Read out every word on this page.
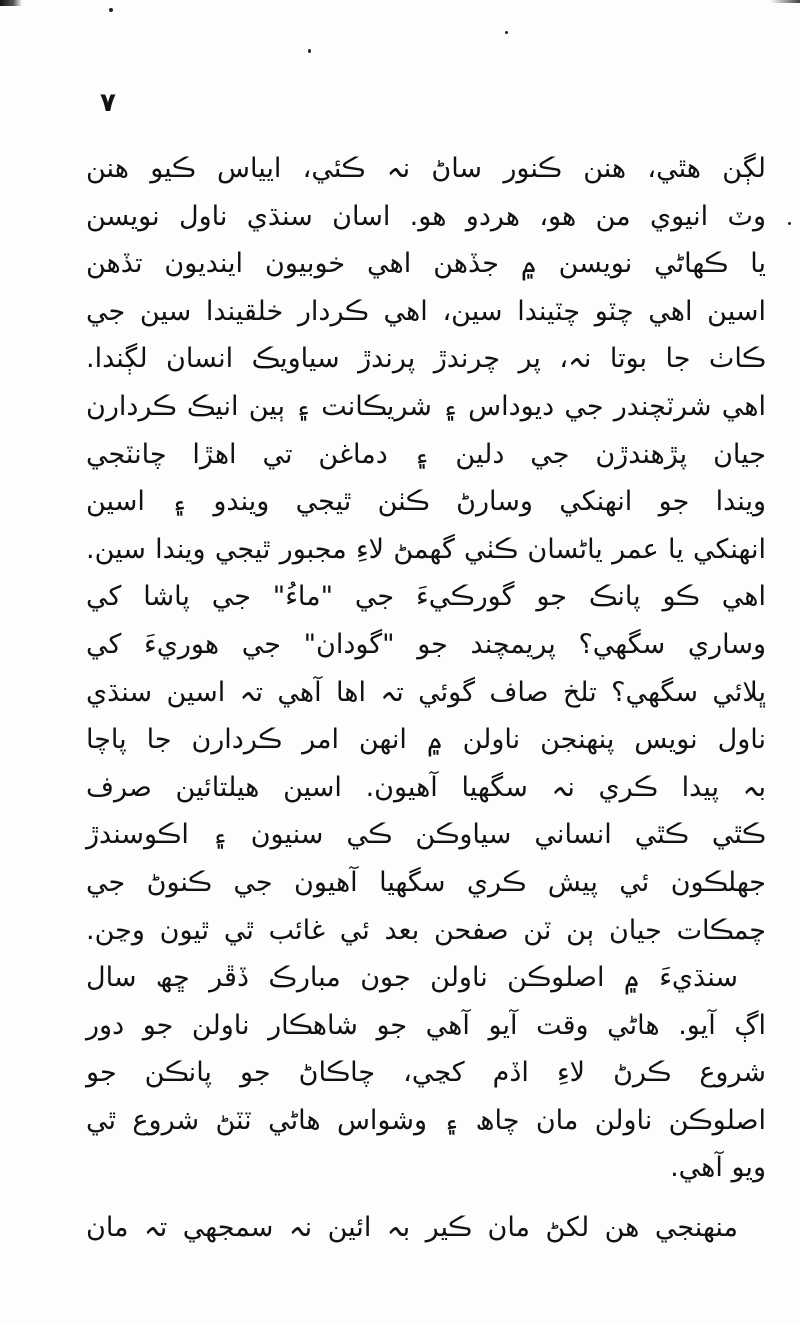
٧
لڳن ھٿي، ھنن ڪنور ساڻ نہ ڪئي، ايياس ڪيو ھنن
وٽ انيوي من ھو، ھردو ھو. اسان سنڌي ناول نويسن
يا ڪھاڻي نويسن ۾ جڏھن اھي خوبيون اينديون تڏھن
اسين اھي چٽو چٽيندا سين، اھي ڪردار خلقيندا سين جي
ڪاٺ جا بوتا نہ، پر چرندڙ پرندڙ سياويڪ انسان لڳندا.
اھي شرٽچندر جي ديوداس ۽ شريڪانت ۽ ٻين انيڪ ڪردارن
جيان پڙھندڙن جي دلين ۽ دماغن تي اھڙا چانٽجي
ويندا جو انھنکي وسارڻ ڪٺن ٿيجي ويندو ۽ اسين
انھنکي يا عمر ياڻسان ڪٺي گھمڻ لاءِ مجبور ٿيجي ويندا سين.
اھي ڪو پانڪ جو گورڪيءَ جي "ماءُ" جي پاشا کي
وساري سگھي؟ پريمچند جو "گودان" جي ھوريءَ کي
ڀلائي سگھي؟ تلخ صاف گوئي تہ اھا آھي تہ اسين سنڌي
ناول نويس پنھنجن ناولن ۾ انھن امر ڪردارن جا پاچا
بہ پيدا ڪري نہ سگھيا آھيون. اسين ھيلتائين صرف
ڪٿي ڪٿي انساني سياوڪن ڪي سنيون ۽ اڪوسندڙ
جھلڪون ئي پيش ڪري سگھيا آھيون جي ڪنوڻ جي
چمڪات جيان ٻن ٽن صفحن بعد ئي غائب ٿي ٿيون وڃن.
سنڌيءَ ۾ اصلوڪن ناولن جون مبارڪ ڏڦر ڇھ سال
اڳ آيو. ھاڻي وقت آيو آھي جو شاھڪار ناولن جو دور
شروع ڪرڻ لاءِ اڏم کڃي، چاڪاڻ جو پانڪن جو
اصلوڪن ناولن مان چاھ ۽ وشواس ھاڻي ٽٽڻ شروع ٿي
ويو آھي.
منھنجي ھن لکڻ مان ڪير بہ ائين نہ سمجھي تہ مان
